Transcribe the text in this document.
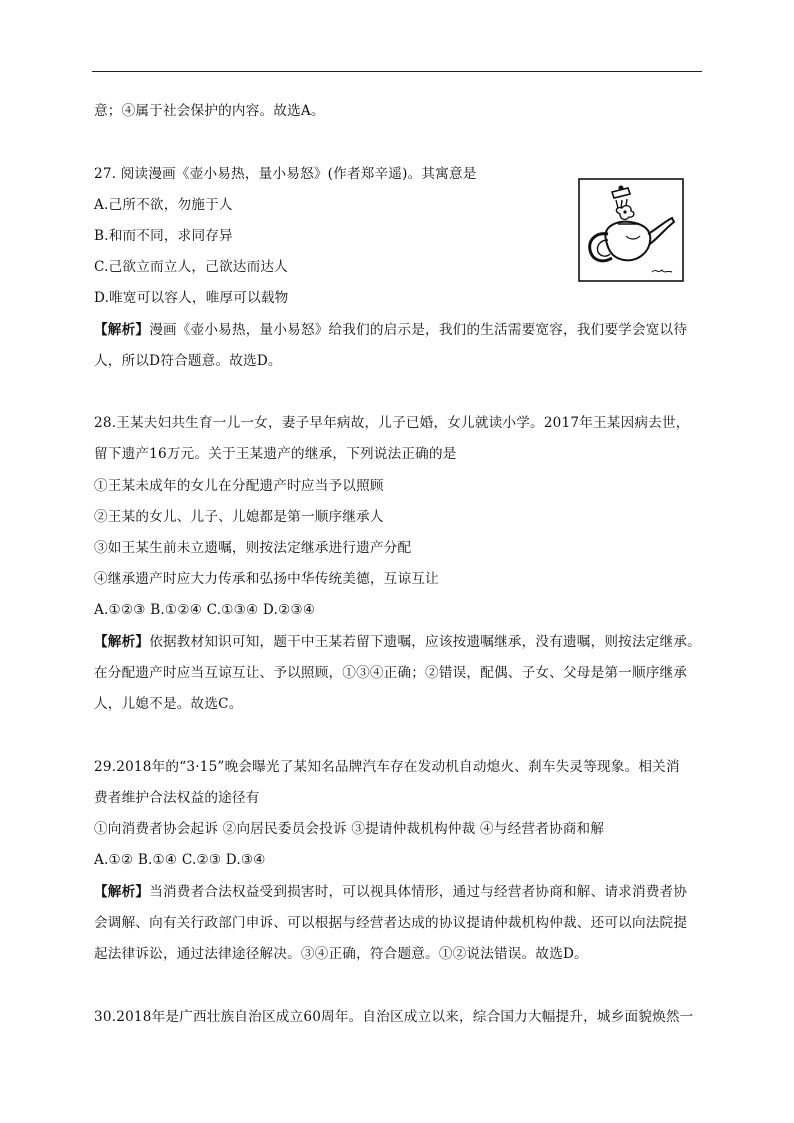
意；④属于社会保护的内容。故选A。
27. 阅读漫画《壶小易热，量小易怒》(作者郑辛遥)。其寓意是
A.己所不欲，勿施于人
B.和而不同，求同存异
C.己欲立而立人，己欲达而达人
D.唯宽可以容人，唯厚可以载物
【解析】漫画《壶小易热，量小易怒》给我们的启示是，我们的生活需要宽容，我们要学会宽以待
人，所以D符合题意。故选D。
28.王某夫妇共生育一儿一女，妻子早年病故，儿子已婚，女儿就读小学。2017年王某因病去世，
留下遗产16万元。关于王某遗产的继承，下列说法正确的是
①王某未成年的女儿在分配遗产时应当予以照顾
②王某的女儿、儿子、儿媳都是第一顺序继承人
③如王某生前未立遗嘱，则按法定继承进行遗产分配
④继承遗产时应大力传承和弘扬中华传统美德，互谅互让
A.①②③ B.①②④ C.①③④ D.②③④
【解析】依据教材知识可知，题干中王某若留下遗嘱，应该按遗嘱继承，没有遗嘱，则按法定继承。
在分配遗产时应当互谅互让、予以照顾，①③④正确；②错误，配偶、子女、父母是第一顺序继承
人，儿媳不是。故选C。
29.2018年的“3·15”晚会曝光了某知名品牌汽车存在发动机自动熄火、刹车失灵等现象。相关消
费者维护合法权益的途径有
①向消费者协会起诉 ②向居民委员会投诉 ③提请仲裁机构仲裁 ④与经营者协商和解
A.①② B.①④ C.②③ D.③④
【解析】当消费者合法权益受到损害时，可以视具体情形，通过与经营者协商和解、请求消费者协
会调解、向有关行政部门申诉、可以根据与经营者达成的协议提请仲裁机构仲裁、还可以向法院提
起法律诉讼，通过法律途径解决。③④正确，符合题意。①②说法错误。故选D。
30.2018年是广西壮族自治区成立60周年。自治区成立以来，综合国力大幅提升，城乡面貌焕然一
